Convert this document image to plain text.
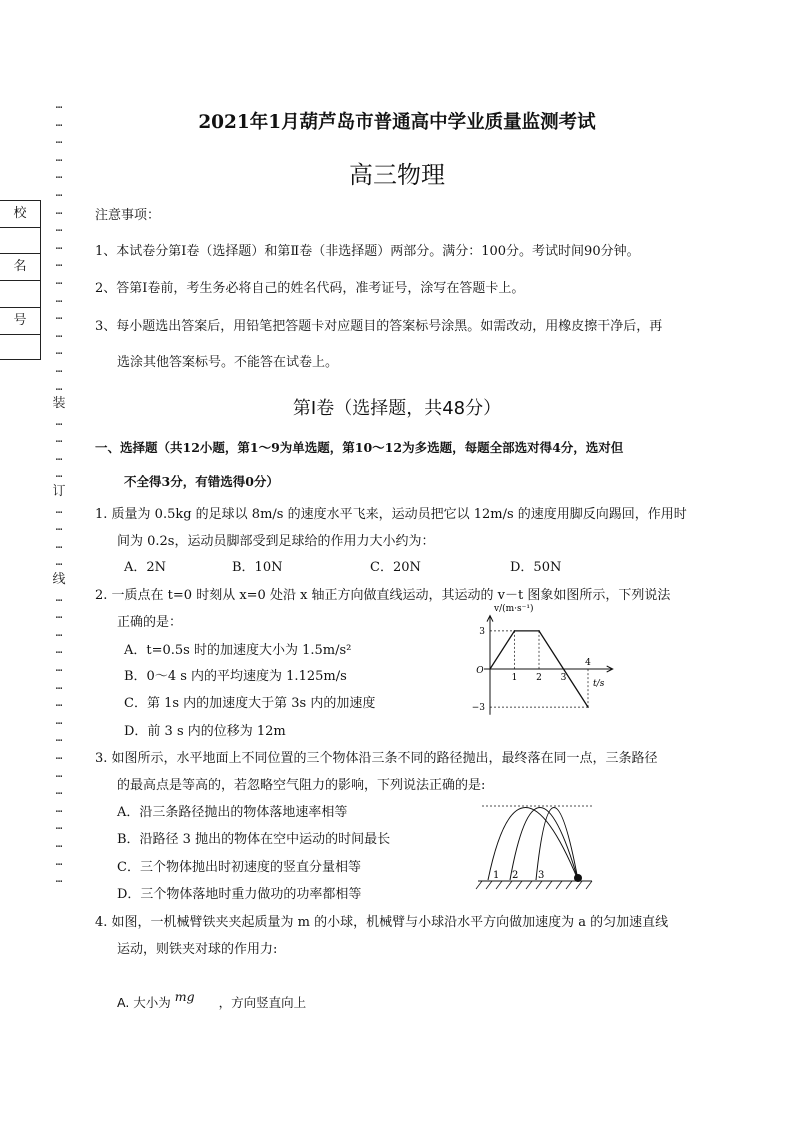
…
…
…
…
…
…
…
…
…
…
…
…
…
…
…
…
…
装
…
…
…
…
订
…
…
…
…
线
…
…
…
…
…
…
…
…
…
…
…
…
…
…
…
…
…
校
名
号
2021年1月葫芦岛市普通高中学业质量监测考试
高三物理
注意事项：
1、本试卷分第Ⅰ卷（选择题）和第Ⅱ卷（非选择题）两部分。满分：100分。考试时间90分钟。
2、答第Ⅰ卷前，考生务必将自己的姓名代码，准考证号，涂写在答题卡上。
3、每小题选出答案后，用铅笔把答题卡对应题目的答案标号涂黑。如需改动，用橡皮擦干净后，再
选涂其他答案标号。不能答在试卷上。
第Ⅰ卷（选择题，共48分）
一、选择题（共12小题，第1～9为单选题，第10～12为多选题，每题全部选对得4分，选对但
不全得3分，有错选得0分）
1. 质量为 0.5kg 的足球以 8m/s 的速度水平飞来，运动员把它以 12m/s 的速度用脚反向踢回，作用时
间为 0.2s，运动员脚部受到足球给的作用力大小约为：
A．2N	B．10N	C．20N	D．50N
2. 一质点在 t=0 时刻从 x=0 处沿 x 轴正方向做直线运动，其运动的 v－t 图象如图所示，下列说法
正确的是：
A．t=0.5s 时的加速度大小为 1.5m/s²
B．0～4 s 内的平均速度为 1.125m/s
C．第 1s 内的加速度大于第 3s 内的加速度
D．前 3 s 内的位移为 12m
1 2 3
4
3
−3
O
v/(m·s⁻¹)
t/s
3. 如图所示，水平地面上不同位置的三个物体沿三条不同的路径抛出，最终落在同一点，三条路径
的最高点是等高的，若忽略空气阻力的影响，下列说法正确的是:
A．沿三条路径抛出的物体落地速率相等
B．沿路径 3 抛出的物体在空中运动的时间最长
C．三个物体抛出时初速度的竖直分量相等
D．三个物体落地时重力做功的功率都相等
1 2 3
4. 如图，一机械臂铁夹夹起质量为 m 的小球，机械臂与小球沿水平方向做加速度为 a 的匀加速直线
运动，则铁夹对球的作用力:
A. 大小为 mg ，方向竖直向上
